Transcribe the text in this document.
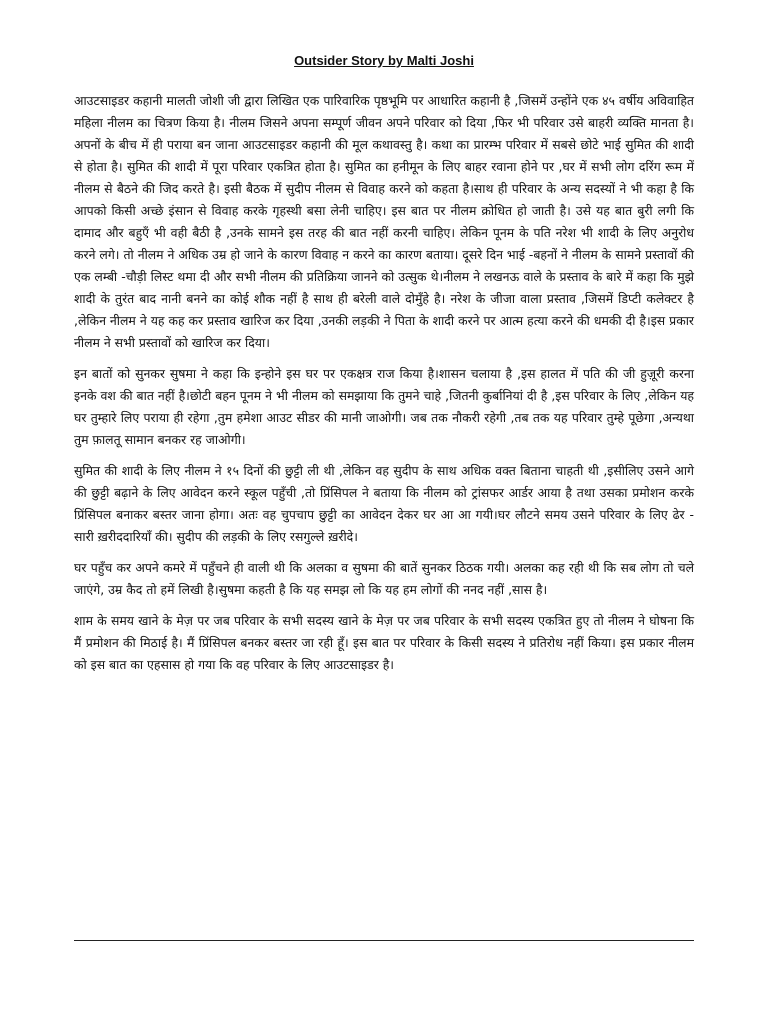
Outsider Story by Malti Joshi

आउटसाइडर कहानी मालती जोशी जी द्वारा लिखित एक पारिवारिक पृष्ठभूमि पर आधारित कहानी है ,जिसमें उन्होंने एक ४५ वर्षीय अविवाहित महिला नीलम का चित्रण किया है। नीलम जिसने अपना सम्पूर्ण जीवन अपने परिवार को दिया ,फिर भी परिवार उसे बाहरी व्यक्ति मानता है। अपनों के बीच में ही पराया बन जाना आउटसाइडर कहानी की मूल कथावस्तु है। कथा का प्रारम्भ परिवार में सबसे छोटे भाई सुमित की शादी से होता है। सुमित की शादी में पूरा परिवार एकत्रित होता है। सुमित का हनीमून के लिए बाहर रवाना होने पर ,घर में सभी लोग दरिंग रूम में नीलम से बैठने की जिद करते है। इसी बैठक में सुदीप नीलम से विवाह करने को कहता है।साथ ही परिवार के अन्य सदस्यों ने भी कहा है कि आपको किसी अच्छे इंसान से विवाह करके गृहस्थी बसा लेनी चाहिए। इस बात पर नीलम क्रोधित हो जाती है। उसे यह बात बुरी लगी कि दामाद और बहुएँ भी वही बैठी है ,उनके सामने इस तरह की बात नहीं करनी चाहिए। लेकिन पूनम के पति नरेश भी शादी के लिए अनुरोध करने लगे। तो नीलम ने अधिक उम्र हो जाने के कारण विवाह न करने का कारण बताया। दूसरे दिन भाई -बहनों ने नीलम के सामने प्रस्तावों की एक लम्बी -चौड़ी लिस्ट थमा दी और सभी नीलम की प्रतिक्रिया जानने को उत्सुक थे।नीलम ने लखनऊ वाले के प्रस्ताव के बारे में कहा कि मुझे शादी के तुरंत बाद नानी बनने का कोई शौक नहीं है साथ ही बरेली वाले दोमुँहे है। नरेश के जीजा वाला प्रस्ताव ,जिसमें डिप्टी कलेक्टर है ,लेकिन नीलम ने यह कह कर प्रस्ताव खारिज कर दिया ,उनकी लड़की ने पिता के शादी करने पर आत्म हत्या करने की धमकी दी है।इस प्रकार नीलम ने सभी प्रस्तावों को खारिज कर दिया।

इन बातों को सुनकर सुषमा ने कहा कि इन्होने इस घर पर एकक्षत्र राज किया है।शासन चलाया है ,इस हालत में पति की जी हुज़ूरी करना इनके वश की बात नहीं है।छोटी बहन पूनम ने भी नीलम को समझाया कि तुमने चाहे ,जितनी कुर्बानियां दी है ,इस परिवार के लिए ,लेकिन यह घर तुम्हारे लिए पराया ही रहेगा ,तुम हमेशा आउट सीडर की मानी जाओगी। जब तक नौकरी रहेगी ,तब तक यह परिवार तुम्हे पूछेगा ,अन्यथा तुम फ़ालतू सामान बनकर रह जाओगी।

सुमित की शादी के लिए नीलम ने १५ दिनों की छुट्टी ली थी ,लेकिन वह सुदीप के साथ अधिक वक्त बिताना चाहती थी ,इसीलिए उसने आगे की छुट्टी बढ़ाने के लिए आवेदन करने स्कूल पहुँची ,तो प्रिंसिपल ने बताया कि नीलम को ट्रांसफर आर्डर आया है तथा उसका प्रमोशन करके प्रिंसिपल बनाकर बस्तर जाना होगा। अतः वह चुपचाप छुट्टी का आवेदन देकर घर आ आ गयी।घर लौटने समय उसने परिवार के लिए ढेर - सारी ख़रीददारियाँ की। सुदीप की लड़की के लिए रसगुल्ले ख़रीदे।

घर पहुँच कर अपने कमरे में पहुँचने ही वाली थी कि अलका व सुषमा की बातें सुनकर ठिठक गयी। अलका कह रही थी कि सब लोग तो चले जाएंगे, उम्र कैद तो हमें लिखी है।सुषमा कहती है कि यह समझ लो कि यह हम लोगों की ननद नहीं ,सास है।

शाम के समय खाने के मेज़ पर जब परिवार के सभी सदस्य खाने के मेज़ पर जब परिवार के सभी सदस्य एकत्रित हुए तो नीलम ने घोषना कि मैं प्रमोशन की मिठाई है। मैं प्रिंसिपल बनकर बस्तर जा रही हूँ। इस बात पर परिवार के किसी सदस्य ने प्रतिरोध नहीं किया। इस प्रकार नीलम को इस बात का एहसास हो गया कि वह परिवार के लिए आउटसाइडर है।
